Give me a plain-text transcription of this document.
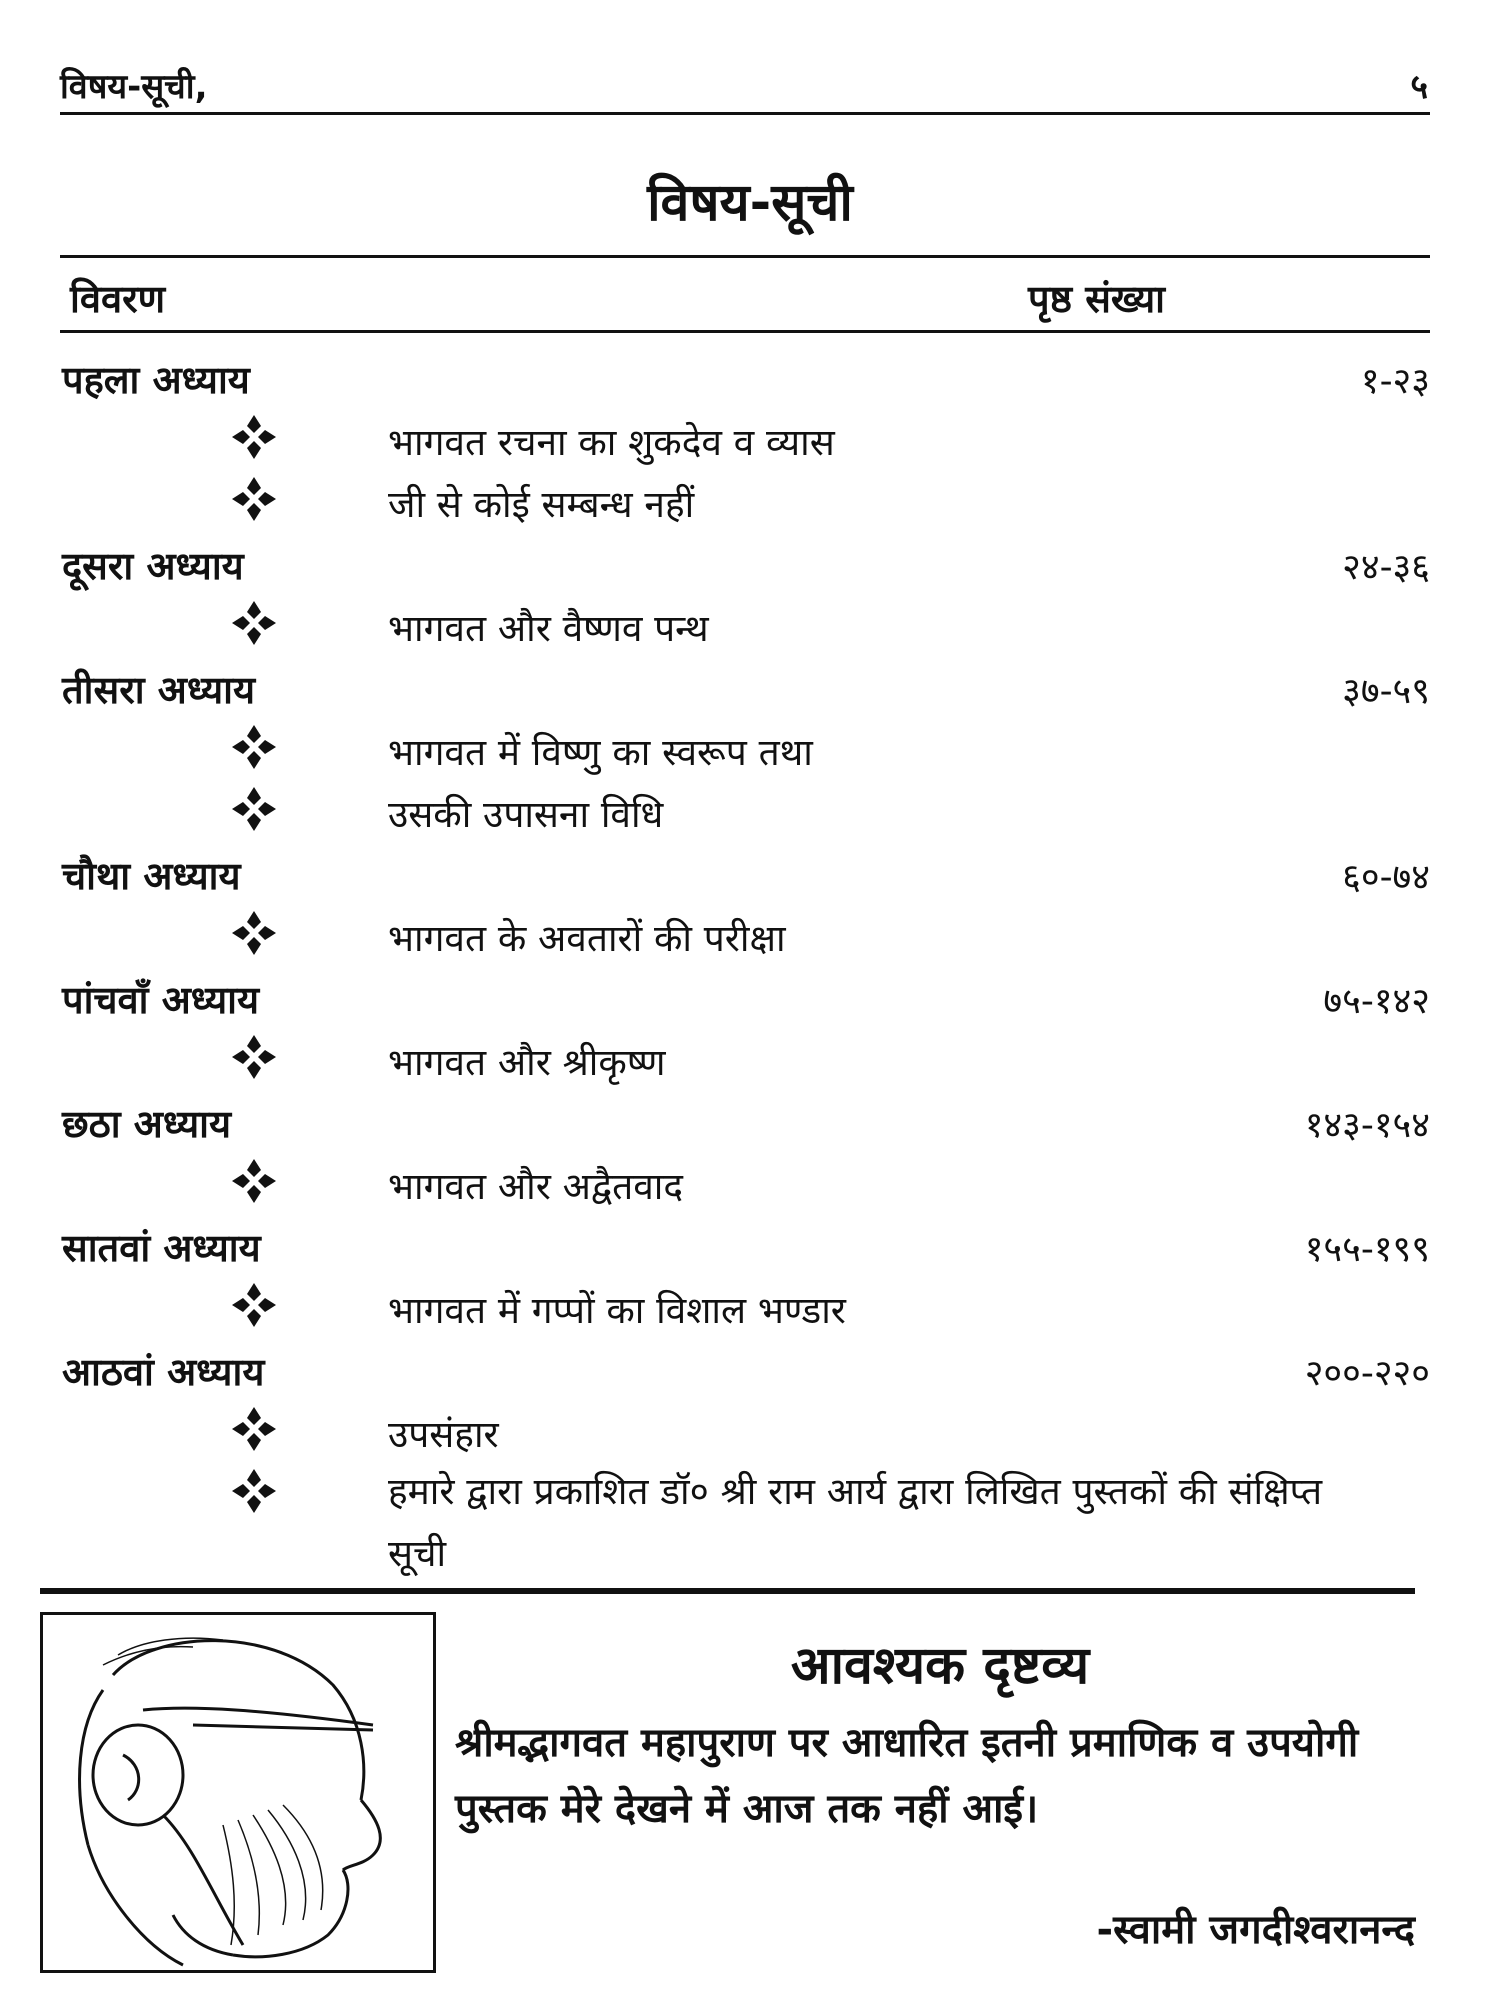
विषय-सूची,	५
विषय-सूची
विवरण	पृष्ठ संख्या
पहला अध्याय	१-२३
भागवत रचना का शुकदेव व व्यास
जी से कोई सम्बन्ध नहीं
दूसरा अध्याय	२४-३६
भागवत और वैष्णव पन्थ
तीसरा अध्याय	३७-५९
भागवत में विष्णु का स्वरूप तथा
उसकी उपासना विधि
चौथा अध्याय	६०-७४
भागवत के अवतारों की परीक्षा
पांचवाँ अध्याय	७५-१४२
भागवत और श्रीकृष्ण
छठा अध्याय	१४३-१५४
भागवत और अद्वैतवाद
सातवां अध्याय	१५५-१९९
भागवत में गप्पों का विशाल भण्डार
आठवां अध्याय	२००-२२०
उपसंहार
हमारे द्वारा प्रकाशित डॉ० श्री राम आर्य द्वारा लिखित पुस्तकों की संक्षिप्त सूची
आवश्यक दृष्टव्य
श्रीमद्भागवत महापुराण पर आधारित इतनी प्रमाणिक व उपयोगी पुस्तक मेरे देखने में आज तक नहीं आई।
-स्वामी जगदीश्वरानन्द
